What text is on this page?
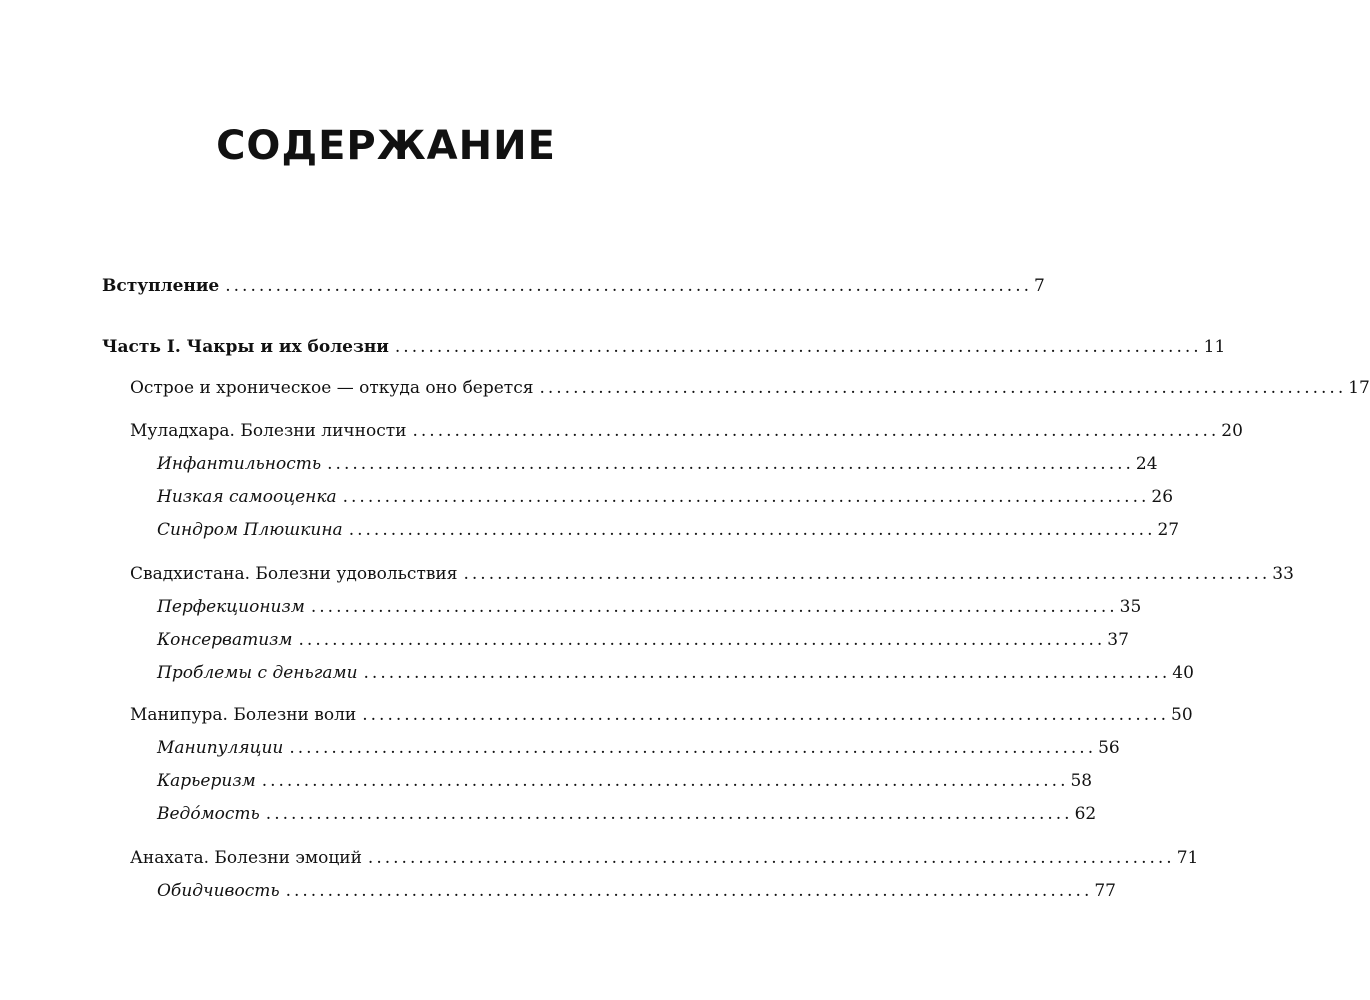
СОДЕРЖАНИЕ
Вступление ................................................................................................ 7
Часть I. Чакры и их болезни ................................................................................................ 11
Острое и хроническое — откуда оно берется ................................................................................................ 17
Муладхара. Болезни личности ................................................................................................ 20
Инфантильность ................................................................................................ 24
Низкая самооценка ................................................................................................ 26
Синдром Плюшкина ................................................................................................ 27
Свадхистана. Болезни удовольствия ................................................................................................ 33
Перфекционизм ................................................................................................ 35
Консерватизм ................................................................................................ 37
Проблемы с деньгами ................................................................................................ 40
Манипура. Болезни воли ................................................................................................ 50
Манипуляции ................................................................................................ 56
Карьеризм ................................................................................................ 58
Ведóмость ................................................................................................ 62
Анахата. Болезни эмоций ................................................................................................ 71
Обидчивость ................................................................................................ 77
